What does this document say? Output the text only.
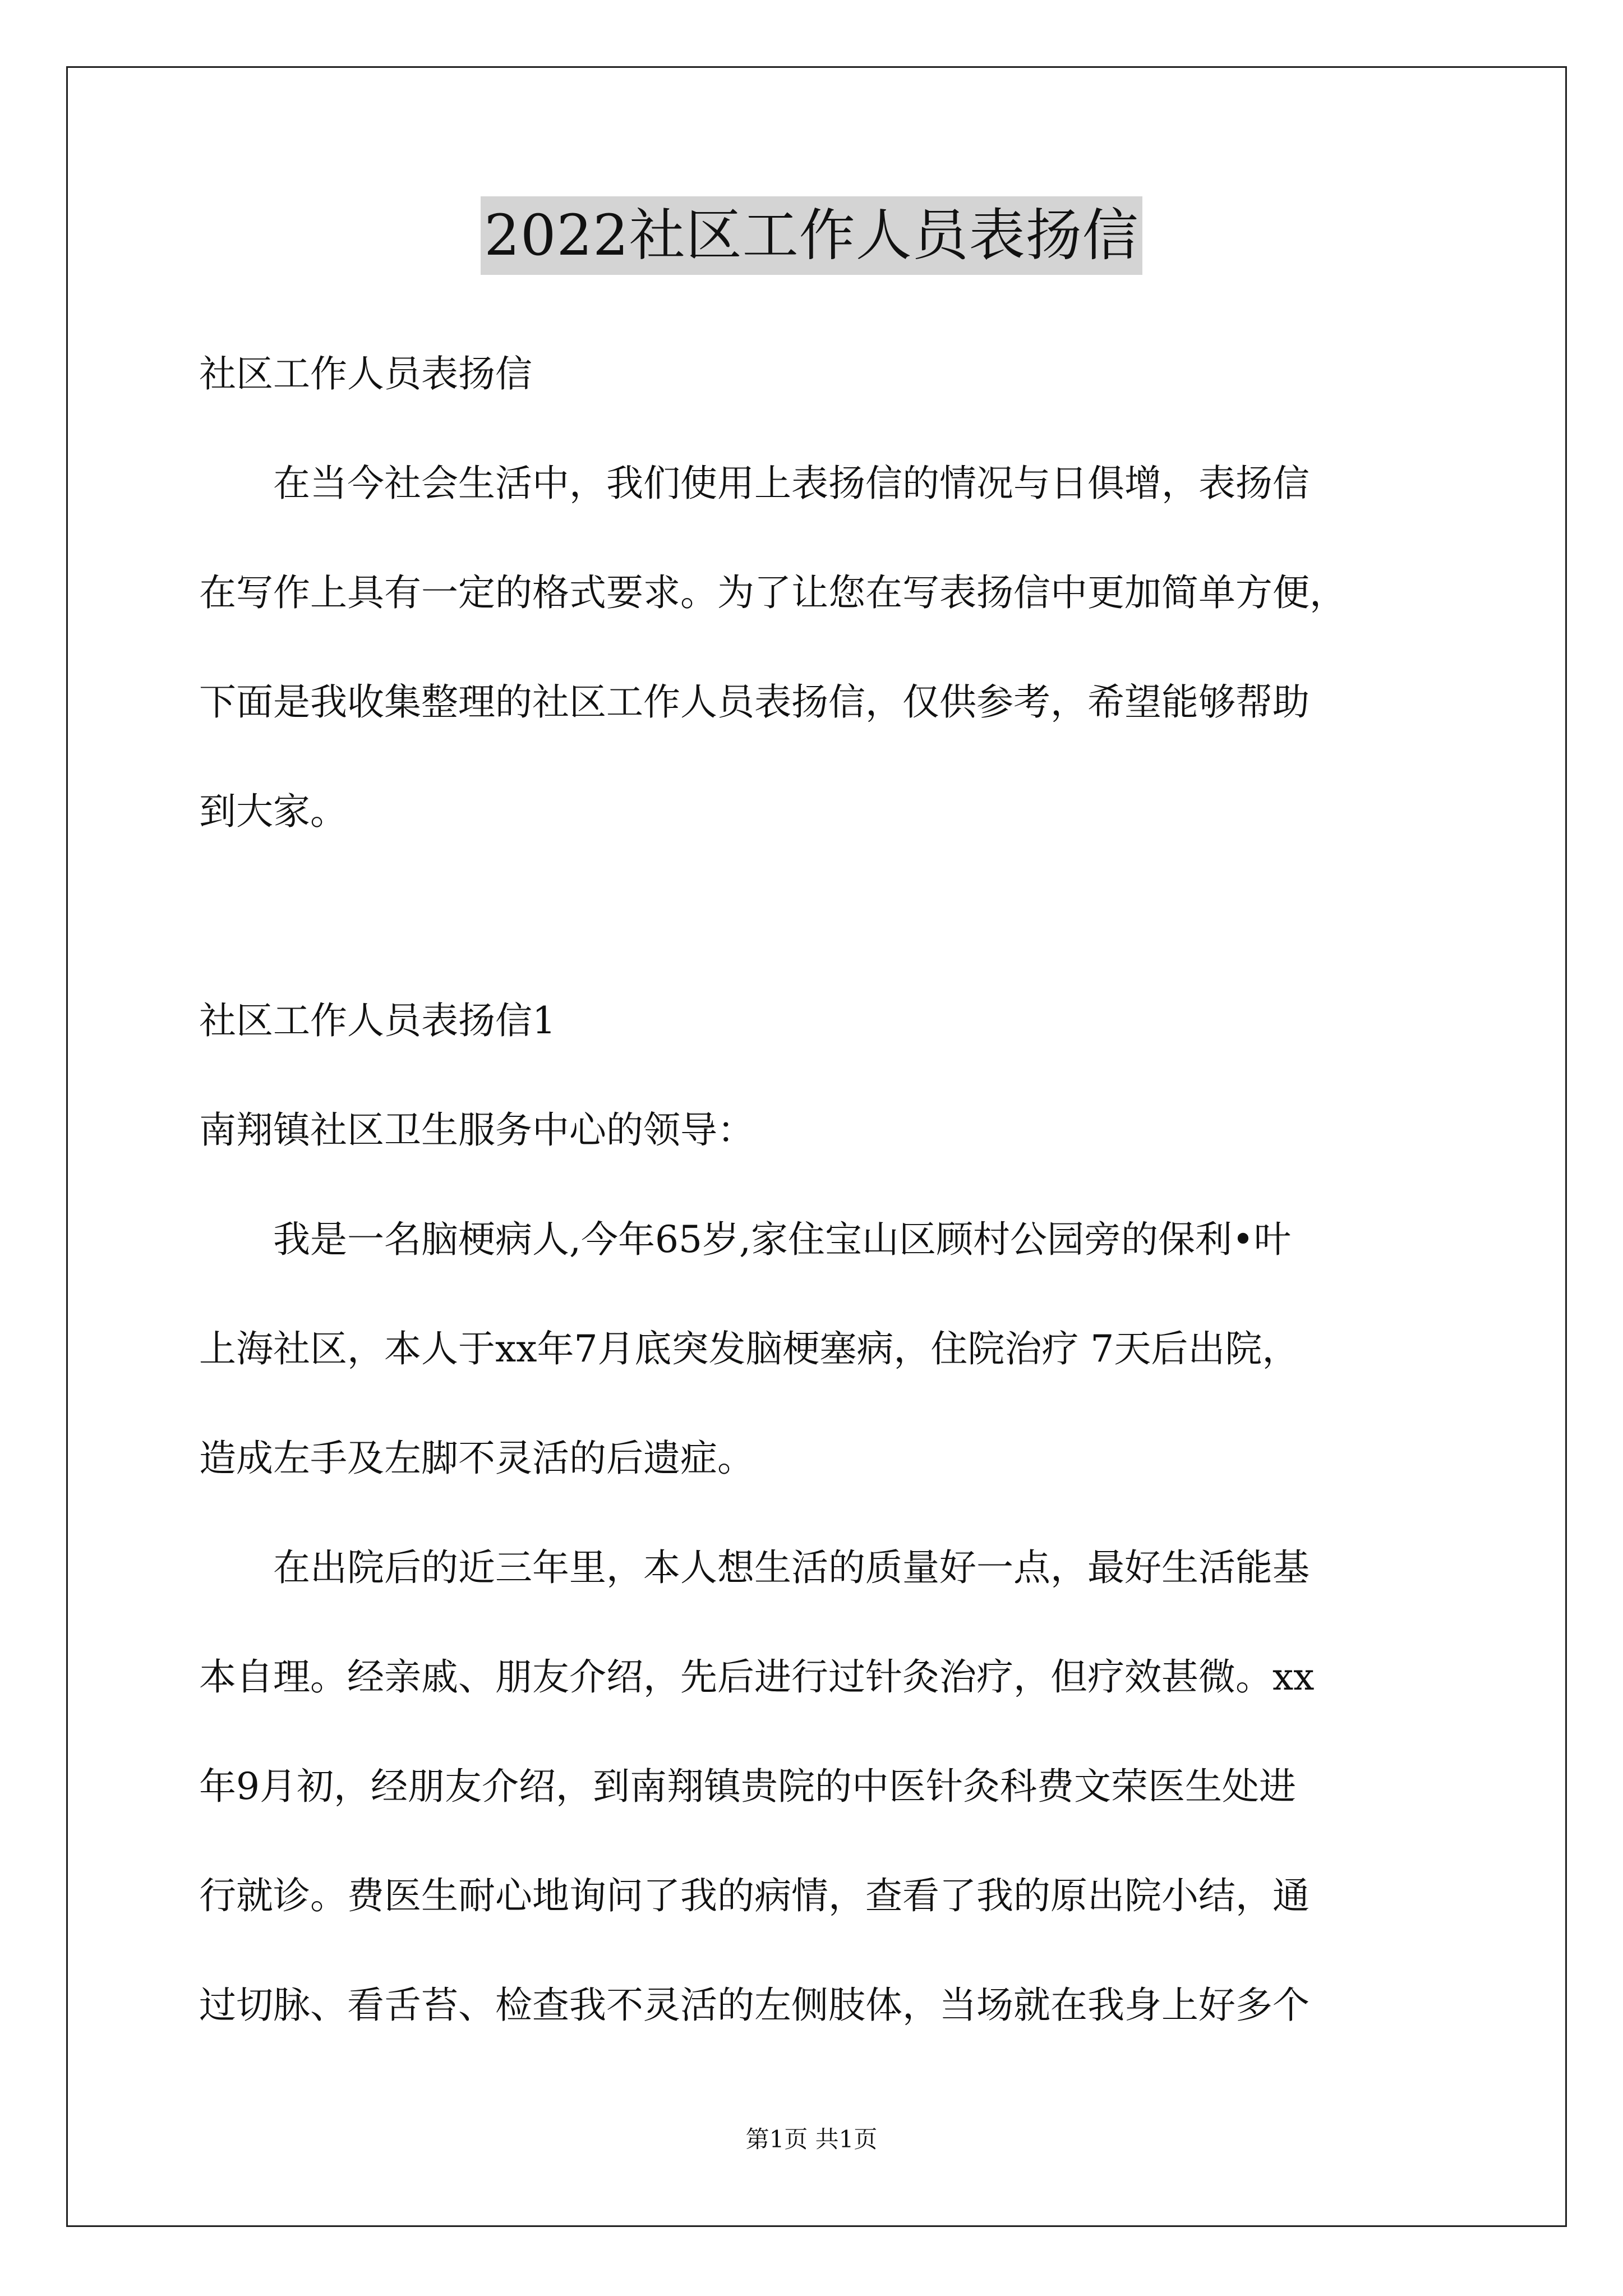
2022社区工作人员表扬信
社区工作人员表扬信
在当今社会生活中，我们使用上表扬信的情况与日俱增，表扬信
在写作上具有一定的格式要求。为了让您在写表扬信中更加简单方便，
下面是我收集整理的社区工作人员表扬信，仅供参考，希望能够帮助
到大家。
社区工作人员表扬信1
南翔镇社区卫生服务中心的领导：
我是一名脑梗病人,今年65岁,家住宝山区顾村公园旁的保利•叶
上海社区，本人于xx年7月底突发脑梗塞病，住院治疗 7天后出院，
造成左手及左脚不灵活的后遗症。
在出院后的近三年里，本人想生活的质量好一点，最好生活能基
本自理。经亲戚、朋友介绍，先后进行过针灸治疗，但疗效甚微。xx
年9月初，经朋友介绍，到南翔镇贵院的中医针灸科费文荣医生处进
行就诊。费医生耐心地询问了我的病情，查看了我的原出院小结，通
过切脉、看舌苔、检查我不灵活的左侧肢体，当场就在我身上好多个
第1页 共1页
